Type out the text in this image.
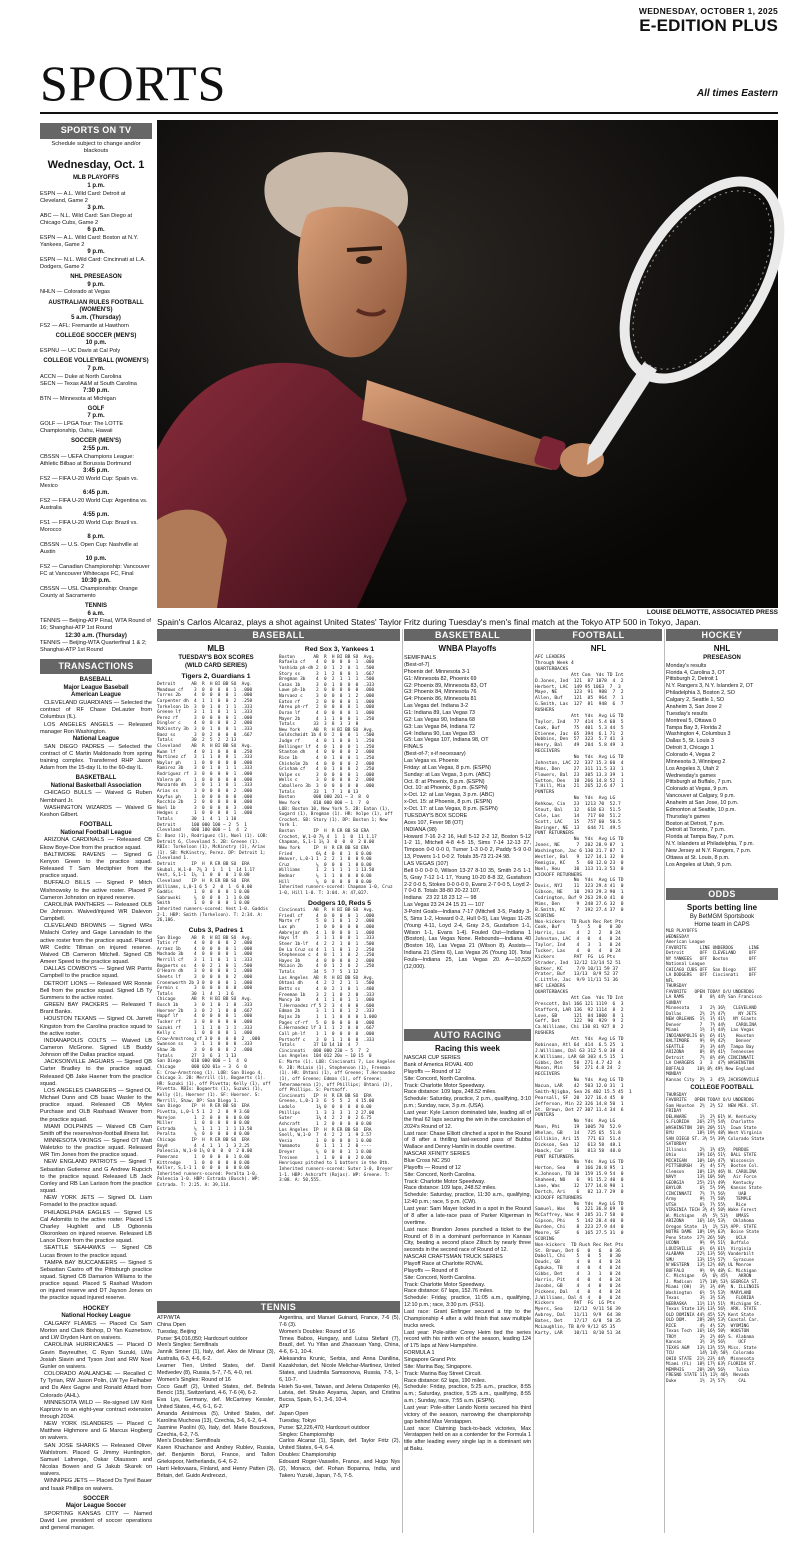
WEDNESDAY, OCTOBER 1, 2025
E-EDITION PLUS
SPORTS	All times Eastern
LOUISE DELMOTTE, ASSOCIATED PRESS
Spain's Carlos Alcaraz, plays a shot against United States' Taylor Fritz during Tuesday's men's final match at the Tokyo ATP 500 in Tokyo, Japan.
SPORTS ON TV
Schedule subject to change and/or blackouts
Wednesday, Oct. 1
MLB PLAYOFFS
1 p.m.
ESPN — A.L. Wild Card: Detroit at Cleveland, Game 2
3 p.m.
ABC — N.L. Wild Card: San Diego at Chicago Cubs, Game 2
6 p.m.
ESPN — A.L. Wild Card: Boston at N.Y. Yankees, Game 2
9 p.m.
ESPN — N.L. Wild Card: Cincinnati at L.A. Dodgers, Game 2
NHL PRESEASON
9 p.m.
NHLN — Colorado at Vegas
AUSTRALIAN RULES FOOTBALL (WOMEN'S)
5 a.m. (Thursday)
FS2 — AFL: Fremantle at Hawthorn
COLLEGE SOCCER (MEN'S)
10 p.m.
ESPNU — UC Davis at Cal Poly
COLLEGE VOLLEYBALL (WOMEN'S)
7 p.m.
ACCN — Duke at North Carolina
SECN — Texas A&M at South Carolina
7:30 p.m.
BTN — Minnesota at Michigan
GOLF
7 p.m.
GOLF — LPGA Tour: The LOTTE Championship, Oahu, Hawaii
SOCCER (MEN'S)
2:55 p.m.
CBSSN — UEFA Champions League: Athletic Bilbao at Borussia Dortmund
3:45 p.m.
FS2 — FIFA U-20 World Cup: Spain vs. Mexico
6:45 p.m.
FS2 — FIFA U-20 World Cup: Argentina vs. Australia
4:55 p.m.
FS1 — FIFA U-20 World Cup: Brazil vs. Morocco
8 p.m.
CBSSN — U.S. Open Cup: Nashville at Austin
10 p.m.
FS2 — Canadian Championship: Vancouver FC at Vancouver Whitecaps FC, Final
10:30 p.m.
CBSSN — USL Championship: Orange County at Sacramento
TENNIS
6 a.m.
TENNIS — Beijing-ATP Final, WTA Round of 16; Shanghai-ATP 1st Round
12:30 a.m. (Thursday)
TENNIS — Beijing-WTA Quarterfinal 1 & 2; Shanghai-ATP 1st Round
TRANSACTIONS
BASEBALL
Major League Baseball
American League
CLEVELAND GUARDIANS — Selected the contract of RF Chase DeLauter from Columbus (IL).
LOS ANGELES ANGELS — Released manager Ron Washington.
National League
SAN DIEGO PADRES — Selected the contract of C Martin Maldonado from spring training complex. Transferred RHP Jason Adam from the 15-day IL to the 60-day IL.
BASKETBALL
National Basketball Association
CHICAGO BULLS — Waived G Ruben Nembhard Jr.
WASHINGTON WIZARDS — Waived G Keshon Gilbert.
FOOTBALL
National Football League
ARIZONA CARDINALS — Released CB Ekow Boye-Doe from the practice squad.
BALTIMORE RAVENS — Signed G Kenyon Green to the practice squad. Released T Sam Mectiphier from the practice squad.
BUFFALO BILLS — Signed P Mitch Wishnowsky to the active roster. Placed P Cameron Johnston on injured reserve.
CAROLINA PANTHERS — Released OLB De Johnson. Waived/injured WR Dalevon Campbell.
CLEVELAND BROWNS — Signed WRs Malachi Corley and Gage Larvadain to the active roster from the practice squad. Placed WR Cedric Tillman on injured reserve. Waived CB Cameron Mitchell. Signed CB Ameer Speed to the practice squad.
DALLAS COWBOYS — Signed WR Parris Campbell to the practice squad.
DETROIT LIONS — Released WR Ronnie Bell from the practice squad. Signed LB Ty Summers to the active roster.
GREEN BAY PACKERS — Released T Brant Banks.
HOUSTON TEXANS — Signed OL Jarrett Kingston from the Carolina practice squad to the active roster.
INDIANAPOLIS COLTS — Waived LB Cameron McGrone. Signed LB Buddy Johnson off the Dallas practice squad.
JACKSONVILLE JAGUARS — Signed QB Carter Bradley to the practice squad. Released QB Jake Haener from the practice squad.
LOS ANGELES CHARGERS — Signed OL Michael Dunn and CB Isaac Wasler to the practice squad. Released CB Myles Purchase and OLB Rashaad Weaver from the practice squad.
MIAMI DOLPHINS — Waived CB Cam Smith off the reserve/non-football illness list.
MINNESOTA VIKINGS — Signed OT Matt Waletzko to the practice squad. Released WR Tim Jones from the practice squad.
NEW ENGLAND PATRIOTS — Signed T Sebastian Gutierrez and G Andrew Rupcich to the practice squad. Released LB Jack Conley and RB Lan Larison from the practice squad.
NEW YORK JETS — Signed DL Liam Fornadel to the practice squad.
PHILADELPHIA EAGLES — Signed LS Cal Adomitis to the active roster. Placed LS Charley Hughlett and LB Ogbonnia Okoronkwo on injured reserve. Released LB Lance Dixon from the practice squad.
SEATTLE SEAHAWKS — Signed CB Lucas Brown to the practice squad.
TAMPA BAY BUCCANEERS — Signed S Sebastian Castro off the Pittsburgh practice squad. Signed CB Damarion Williams to the practice squad. Placed S Rashad Wisdom on injured reserve and DT Jayson Jones on the practice squad injured reserve.
HOCKEY
National Hockey League
CALGARY FLAMES — Placed Cs Sam Morton and Clark Bishop, D Yan Kuznetsov, and LW Dryden Hunt on waivers.
CAROLINA HURRICANES — Placed D Gavin Bayreuther, C Ryan Suzuki, LWs Josiah Slavin and Tyson Jost and RW Noel Gunler on waivers.
COLORADO AVALANCHE — Recalled C Ty Tyrian, RW Jason Polin, LW Tye Felhaber and Ds Alex Gagne and Ronald Attard from Colorado (AHL).
MINNESOTA WILD — Re-signed LW Kirill Kaprizov to an eight-year contract extension through 2034.
NEW YORK ISLANDERS — Placed C Matthew Highmore and G Marcus Hogberg on waivers.
SAN JOSE SHARKS — Released Oliver Wahlstrom. Placed G Jimmy Huntington, Samuel Lafrenge, Oskar Olausson and Nicolas Bowen and G Jakub Skarek on waivers.
WINNIPEG JETS — Placed Ds Tyrel Bauer and Isaak Phillips on waivers.
SOCCER
Major League Soccer
SPORTING KANSAS CITY — Named David Lee president of soccer operations and general manager.
BASEBALL	BASKETBALL	FOOTBALL	HOCKEY
AUTO RACING
ODDS
TENNIS
MLB
TUESDAY'S BOX SCORES
(WILD CARD SERIES)
Tigers 2, Guardians 1
Detroit      AB  R  H BI BB SO  Avg.
Meadows cf    3  0  0  0  0  1  .000
Torres 2b     4  0  0  0  0  1  .000
Carpenter dh  4  1  1  0  0  2  .250
Torkelson 1b  3  0  1  0  1  1  .333
Greene lf     3  1  1  0  1  1  .333
Perez rf      3  0  0  0  0  1  .000
Dingler c     4  0  0  0  0  2  .000
McKinstry 3b  3  0  1  0  0  1  .333
Baez ss       3  0  2  0  0  0  .667
Totals       30  2  5  2  2 13
Cleveland    AB  R  H BI BB SO  Avg.
Kwan lf       4  0  1  0  0  0  .250
Martinez cf   3  1  1  0  0  1  .333
Naylor ph     1  0  0  0  0  0  .000
Ramirez 3b    3  0  1  0  1  1  .333
Rodriguez rf  3  0  0  0  0  1  .000
Valera ph     1  0  0  0  0  0  .000
Manzardo dh   3  0  1  1  0  1  .333
Arias ss      3  0  0  0  0  2  .000
Kayfus ph     1  0  0  0  0  0  .000
Rocchio 2b    2  0  0  0  0  0  .000
Noel 1b       3  0  0  0  0  3  .000
Hedges c      1  0  0  0  0  1  .000
Totals       30  1  4  1  1 10
Detroit      100 000 100 — 2  5  1
Cleveland    000 100 000 — 1  4  2
E: Baez (1), Rodriguez (1), Noel (1). LOB: Detroit 6, Cleveland 5. 2B: Greene (1). RBIs: Torkelson (1), McKinstry (1), Arias (1). SB: McKinstry, Perez. DP: Detroit 1; Cleveland 1.
Detroit      IP  H  R ER BB SO  ERA
Skubal, W,1-0  7⅔ 3  1  1  1  14 1.17
Vest, S,1-1  1⅓  1  0  0  0  1 0.00
Cleveland    IP  H  R ER BB SO  ERA
Williams, L,0-1 6 5  2  0  1  6 0.00
Gaddis        1  0  0  0  0  1 0.00
Sabrowski     ⅔  0  0  0  1  1 0.00
Smith         1  0  0  0  0  1 0.00
Inherited runners-scored: Vest 1-0. Gaddis 2-1. HBP: Smith (Torkelson). T: 2:34. A: 26,186.
Cubs 3, Padres 1
San Diego    AB  R  H BI BB SO  Avg.
Tatis rf      4  0  0  0  0  2  .000
Arraez 1b     4  0  0  0  0  1  .000
Machado 3b    4  0  0  0  0  1  .000
Merrill cf    3  1  1  0  1  1  .333
Bogaerts ss   4  0  2  1  0  1  .500
O'Hearn dh    3  0  0  0  0  1  .000
Sheets lf     3  0  0  0  0  2  .000
Cronenworth 2b 3 0  0  0  0  1  .000
Fermin c      3  0  0  0  0  0  .000
Totals       30  1  4  1  1 6
Chicago      AB  R  H BI BB SO  Avg.
Busch 1b      3  0  1  0  1  0  .333
Hoerner 2b    3  0  2  1  0  0  .667
Happf lf      4  0  0  0  0  1  .000
Tucker rf     3  0  0  0  0  0  .000
Suzuki rf     1  1  1  0  1  1  .333
Kelly c       1  0  0  0  0  1  .000
Crow-Armstrong cf 3 0  0  0  0  2  .000
Swanson ss    3  1  1  0  0  0  .333
Shaw 3b       3  0  0  0  0  2  .000
Totals       27  3  6  3  1 13
San Diego    010 000 000 — 1  4  0
Chicago      000 020 01x — 3  6  0
E: Crow-Armstrong (1). LOB: San Diego 4, Chicago 3. 2B: Merrill (1), Bogaerts (1). HR: Suzuki (1), off Pivetta; Kelly (1), off Pivetta. RBIs: Bogaerts (1), Suzuki (1), Kelly (1), Hoerner (1). SF: Hoerner. S: Merrill, Shaw. DP: San Diego 1.
San Diego    IP  H  R ER BB SO  ERA
Pivetta, L,0-1 5 1  2  2  0  9 3.60
Morejon       1  2  0  0  0  0 0.00
Miller        1  0  0  0  0  0 0.00
Estrada       ⅓  1  1  1  1  1 13.50
Peralta       ⅔  0  0  0  0  0 0.00
Chicago      IP  H  R ER BB SO  ERA
Boyd          4  4  1  1  1  3 2.25
Palencia, W,1-0 1⅓ 0 0  0  0  2 0.00
Pomeranz      1  0  0  0  0  1 0.00
Kittredge     1  0  0  0  0  0 0.00
Keller, S,1-1 1  0  0  0  0  0 0.00
Inherited runners-scored: Peralta 1-0, Palencia 1-0. HBP: Estrada (Busch). WP: Estrada. T: 2:25. A: 39,114.
Red Sox 3, Yankees 1
Boston       AB  R  H BI BB SO  Avg.
Rafaela cf    4  0  0  0  0  1  .000
Yoshida ph-dh 2  0  1  2  0  1  .500
Story ss      3  1  2  0  0  1  .667
Bregman 3b    4  0  2  1  1  1  .500
Casas 1b      3  0  1  0  0  0  .333
Lowe ph-1b    2  0  0  0  0  0  .000
Narvaez c     3  0  0  0  1  2  .000
Eaton rf      2  0  0  0  0  1  .000
Abreu ph-rf   2  0  0  0  0  1  .000
Duran lf      4  0  0  0  0  1  .000
Mayer 2b      4  1  1  0  0  1  .250
Totals       33  3  8  3  3  8
New York     AB  R  H BI BB SO  Avg.
Goldschmidt 1b 4 0  2  0  0  1  .500
Judge rf      4  0  1  0  0  1  .250
Bellinger lf  4  0  1  0  0  1  .250
Stanton dh    4  0  0  0  0  2  .000
Rice 1b       4  0  1  0  0  1  .250
Chisholm 2b   4  0  0  0  0  2  .000
Grisham cf    4  0  1  0  0  2  .250
Volpe ss      3  0  0  0  0  1  .000
Wells c       3  0  0  0  0  2  .000
Caballero 3b  3  0  0  0  0  0  .000
Totals       33  1  7  1  0 13
Boston       000 000 201 — 3  8  0
New York     010 000 000 — 1  7  0
LOB: Boston 10, New York 5. 2B: Eaton (1), Sugard (1), Bregman (1). HR: Volpe (1), off Crochet. SB: Story (1). DP: Boston 1; New York 1.
Boston       IP  H  R ER BB SO ERA
Crochet, W,1-0 7⅔ 4  1  1  0  11 1.17
Chapman, S,1-1 1⅓ 3  0  0  0  2 0.00
New York     IP  H  R ER BB SO ERA
Fried         6⅓ 4  0  0  1  6 0.00
Weaver, L,0-1 1  2  2  1  0  0 9.00
Cruz          ⅓  0  0  0  1  0 0.00
Williams      1  2  1  1  1  1 13.50
Bednar        ⅓  1  1  0  0  0 0.00
Hill          ⅓  0  0  0  0  0 0.00
Inherited runners-scored: Chapman 1-0, Cruz 1-0, Hill 1-0. T: 3:04. A: 47,027.
Dodgers 10, Reds 5
Cincinnati   AB  R  H BI BB SO  Avg.
Friedl cf     4  0  0  0  0  1  .000
Marte rf      5  0  1  0  1  2  .000
Lux ph        1  0  0  0  0  0  .000
Ambrejar dh   4  1  0  0  0  1  .000
Hays lf       3  1  1  0  0  1  .333
Steer 1b-lf   4  2  2  1  0  1  .500
De La Cruz ss 4  1  1  0  1  2  .250
Stephenson c  4  0  1  1  0  2  .250
Hayes 3b      4  0  0  0  0  2  .000
McLain 2b     4  0  1  2  0  2  .250
Totals       34  5  7  5  1 12
Los Angeles  AB  R  H BI BB SO  Avg.
Ohtani dh     4  2  2  2  1  1  .500
Betts ss      4  0  2  1  0  1  .400
Freeman 1b    3  2  1  0  2  0  .333
Muncy 3b      4  1  1  0  1  1  .000
T.Hernandez rf 5 2  3  4  0  0  .600
Edman 2b      3  1  1  0  1  2  .333
Rojas 2b      1  1  1  0  0  0  1.000
Pages cf-rf   5  0  0  0  0  0  .000
E.Hernandez lf 3 1  1  2  0  0  .667
Call ph-lf    1  1  0  0  0  0  .000
Portnoff c    3  0  1  1  0  0  .333
Totals       37 10 14 10  4  7
Cincinnati   000 000 230 — 5  7  2
Los Angeles  104 012 20x — 10 15  0
E: Marte (1). LOB: Cincinnati 7, Los Angeles 9. 2B: McLain (1), Stephenson (1), Freeman (1). HR: Ohtani (1), off Greene; T.Hernandez (1), off Greene; Edman (1), off Greene; Teheramorena (2), off Phillips; Ohtani (2), off Phillips. S: Portnoff.
Cincinnati   IP  H  R ER BB SO  ERA
Greene, L,0-1 3  6  5  5  2  4 15.00
Lodolo        1⅓ 0  0  0  0  0 0.00
Phillips      1  3  3  3  1  2 27.00
Suter         1⅓ 4  2  2  0  2 6.75
Ashcraft      1  2  0  0  0  0 0.00
Los Angeles  IP  H  R ER BB SO  ERA
Snell, W,1-0  7  4  2  2  1  9 2.57
Vesia         1  0  0  0  0  1 0.00
Yamamoto      0  1  1  1  2  0 ----
Dreyer        ⅔  0  0  0  1  1 0.00
Treinen       1  1  0  0  0  2 0.00
Henriquez pitched to 1 batters in the 8th.
Inherited runners-scored: Suter 1-0, Dreyer 1-1. HBP: Ashcraft (Rojas). WP: Greene. T: 3:08. A: 50,555.
WNBA Playoffs
SEMIFINALS
(Best-of-7)
Phoenix def. Minnesota 3-1
G1: Minnesota 82, Phoenix 69
G2: Phoenix 89, Minnesota 83, OT
G3: Phoenix 84, Minnesota 76
G4: Phoenix 86, Minnesota 81
Las Vegas def. Indiana 3-2
G1: Indiana 89, Las Vegas 73
G2: Las Vegas 90, Indiana 68
G3: Las Vegas 84, Indiana 72
G4: Indiana 90, Las Vegas 83
G5: Las Vegas 107, Indiana 98, OT
FINALS
(Best-of-7; x-if necessary)
Las Vegas vs. Phoenix
Friday: at Las Vegas, 8 p.m. (ESPN)
Sunday: at Las Vegas, 3 p.m. (ABC)
Oct. 8: at Phoenix, 8 p.m. (ESPN)
Oct. 10: at Phoenix, 8 p.m. (ESPN)
x-Oct. 12: at Las Vegas, 3 p.m. (ABC)
x-Oct. 15: at Phoenix, 8 p.m. (ESPN)
x-Oct. 17: at Las Vegas, 8 p.m. (ESPN)
TUESDAY'S BOX SCORE
Aces 107, Fever 98 (OT)
INDIANA (98)
Howard 7-16 2-2 16, Hull 5-12 2-2 12, Boston 5-12 1-2 11, Mitchell 4-8 4-5 15, Sims 7-14 12-13 27, Timpson 0-0 0-0 0, Turner 1-3 0-0 2, Paddy 5-9 0-0 13, Powers 1-1 0-0 2. Totals 35-73 21-24 98.
LAS VEGAS (107)
Bell 0-0 0-0 0, Wilson 13-27 8-10 35, Smith 2-5 1-1 5, Gray 7-12 1-1 17, Young 10-20 8-8 32, Gustafson 2-2 0-0 5, Stokes 0-0 0-0 0, Evans 2-7 0-0 5, Loyd 2-7 0-0 8. Totals 38-80 20-22 107.
Indiana   23 22 18 23 12 — 98
Las Vegas 23 24 24 15 21 — 107
3-Point Goals—Indiana 7-17 (Mitchell 3-5, Paddy 3-5, Sims 1-2, Howard 0-2, Hull 0-5), Las Vegas 11-26 (Young 4-11, Loyd 2-4, Gray 2-5, Gustafson 1-1, Wilson 1-1, Evans 1-4). Fouled Out—Indiana 1 (Boston), Las Vegas None. Rebounds—Indiana 40 (Boston 16), Las Vegas 21 (Wilson 8). Assists—Indiana 21 (Sims 6), Las Vegas 26 (Young 10). Total Fouls—Indiana 25, Las Vegas 20. A—10,529 (12,000).
Racing this week
NASCAR CUP SERIES
Bank of America ROVAL 400
Playoffs — Round of 12
Site: Concord, North Carolina.
Track: Charlotte Motor Speedway.
Race distance: 109 laps, 248.52 miles.
Schedule: Saturday, practice, 2 p.m., qualifying, 3:10 p.m.; Sunday, race, 3 p.m. (USA).
Last year: Kyle Larson dominated late, leading all of the final 62 laps securing the win in the conclusion of 2024's Round of 12.
Last race: Chase Elliott clinched a spot in the Round of 8 after a thrilling last-second pass of Bubba Wallace and Denny Hamlin in double overtime.
NASCAR XFINITY SERIES
Blue Cross NC 250
Playoffs — Round of 12
Site: Concord, North Carolina.
Track: Charlotte Motor Speedway.
Race distance: 109 laps, 248.52 miles.
Schedule: Saturday, practice, 11:30 a.m., qualifying, 12:40 p.m.; race, 5 p.m. (CW).
Last year: Sam Mayer locked in a spot in the Round of 8 after a late-race pass of Parker Kligerman in overtime.
Last race: Brandon Jones punched a ticket to the Round of 8 in a dominant performance in Kansas City, beating a second place Zilisch by nearly three seconds in the second race of Round of 12.
NASCAR CRAFTSMAN TRUCK SERIES
Playoff Race at Charlotte ROVAL
Playoffs — Round of 8
Site: Concord, North Carolina.
Track: Charlotte Motor Speedway.
Race distance: 67 laps, 152.76 miles.
Schedule: Friday, practice, 11:05 a.m., qualifying, 12:10 p.m.; race, 3:30 p.m. (FS1).
Last race: Grant Enfinger secured a trip to the Championship 4 after a wild finish that saw multiple trucks wreck.
Last year: Pole-sitter Corey Heim tied the series record with his ninth win of the season, leading 124 of 175 laps at New Hampshire.
FORMULA 1
Singapore Grand Prix
Site: Marina Bay, Singapore.
Track: Marina Bay Street Circuit.
Race distance: 62 laps, 190 miles.
Schedule: Friday, practice, 5:25 a.m., practice, 8:55 a.m.; Saturday, practice, 5:25 a.m., qualifying, 8:55 a.m.; Sunday, race, 7:55 a.m. (ESPN).
Last year: Pole-sitter Lando Norris secured his third victory of the season, narrowing the championship gap behind Max Verstappen.
Last race: Claiming back-to-back victories, Max Verstappen held on as a contender for the Formula 1 title after leading every single lap in a dominant win at Baku.
NFL
AFC LEADERS
Through Week 4
QUARTERBACKS
Att Com  Yds TD Int
D.Jones, Ind  121  87 1078  4  2
Herbert, LAC  149 95 1063  7  3
Maye, NE      123  91  988  7  2
Allen, Buf    121  85  964  7  1
G.Smith, Las  127  81  948  6  7
RUSHERS
Att  Yds  Avg LG TD
Taylor, Ind   77  414  5.4 68  5
Cook, Buf     75  401  5.3 44  5
Etienne, Jac  65  394  6.1 71  2
Dobbins, Den  57  323  5.7 41  3
Henry, Bal    49  284  5.8 49  3
RECEIVERS
No  Yds  Avg LG TD
Johnston, LAC 22  337 15.3 60  4
Mims, Den     27  311 11.5 33  1
Flowers, Bal  23  305 13.3 39  1
Sutton, Den   18  266 14.8 52  1
T.Hill, Mia   21  265 12.6 47  1
PUNTERS
No  Yds  Avg LG
Rehkow, Cin   23  1213 70  52.7
Stout, Bal    12   618 63  51.5
Cole, Las     14   717 60  51.2
Scott, LAC    15   757 60  50.5
Baringer, NE  13   644 71  49.5
PUNT RETURNERS
No  Yds  Avg LG TD
Jones, NE      7  202 28.9 87  1
Washington, Jac 6 130 21.7 87  1
Westler, Bal   9  127 14.1 32  0
Remigio, KC    5   60 12.0 23  0
Noel, Hou     10  113 11.3 53  0
KICKOFF RETURNERS
No  Yds  Avg LG TD
Davis, NYJ    11  323 29.4 41  0
Gibson, NE    10  293 29.3 90  1
Codrington, Buf 9 263 29.0 41  0
Mims, Den      9  248 27.6 32  0
B.Smith, KC    7  192 27.4 37  0
SCORING
Non-kickers  TD Rush Rec Ret Pts
Cook, Buf      5   5   0   0 30
Harris, Las    4   2   2   0 24
Johnston, LAC  4   0   4   0 24
Taylor, Ind    4   3   1   0 24
Tucker, Las    4   0   4   0 24
Kickers       PAT  FG  LG Pts
Strader, Ind  12/12 13/14 52 51
Butker, KC     7/9 10/11 59 37
Prater, Buf   13/13  8/9 52 37
C.Little, Jac  9/9 11/11 51 36
NFC LEADERS
QUARTERBACKS
Att Com  Yds TD Int
Prescott, Dal 166 121 1119  6  3
Stafford, LAR 136  92 1114  8  2
Love, GB      121  84 1000  8  1
Goff, Det     122  90  929  9  2
Ca.Williams, Chi 130 81 927 8  2
RUSHERS
Att  Yds  Avg LG TD
Robinson, Atl 64  414  6.5 25  1
J.Williams, Dal 63 312 5.0 38  4
K.Williams, LAR 68 303 4.5 15  1
Gibbs, Det    58  271 4.7 42  4
Mason, Min    56  271 4.8 24  2
RECEIVERS
No  Yds  Avg LG TD
Nacua, LAR    42  503 12.0 31  1
Smith-Njigba, Sea 26 402 15.5 45  1
Pearsall, SF  20  327 16.4 45  0
Jefferson, Min 22 326 14.8 50  1
St. Brown, Det 27 307 11.4 34  6
PUNTERS
No  Yds  Avg LG
Mann, Phi     19  1005 70  52.9
Whelan, GB    14   725 65  51.8
Gillikin, Ari 15   771 63  51.4
Dickson, Sea  12   613 58  48.1
Haack, Car    16   813 58  48.0
PUNT RETURNERS
No  Yds  Avg LG TD
Horton, Sea    8  166 20.8 95  1
K.Johnson, TB 10  159 15.9 54  0
Shaheed, NO    6   91 15.2 40  0
Lane, Was     12  177 14.8 90  1
Dortch, Ari    6   82 13.7 29  0
KICKOFF RETURNERS
No  Yds  Avg LG TD
Samuel, Was    6  221 36.8 69  0
McCaffrey, Was 9  285 31.7 58  0
Gipson, Phi    5  142 28.4 40  0
Burden, Chi    8  223 27.9 44  0
Moore, SF      6  165 27.5 31  0
SCORING
Non-kickers  TD Rush Rec Ret Pts
St. Brown, Det 6   0   6   0 36
Daboll, Chi    5   0   5   0 30
Douds, GB      4   0   4   0 24
Egbuka, TB     4   0   4   0 24
Gibbs, Det     4   3   1   0 24
Harris, Pit    4   0   4   0 24
Jacobs, GB     4   4   0   0 24
Pickens, Dal   4   0   4   0 24
J.Williams, Dal 4  4   0   0 24
Kickers       PAT  FG  LG Pts
Myers, Sea    12/12  9/11 56 39
Aubrey, Dal   11/11  9/9  64 38
Bates, Det    17/17  6/8  58 35
McLaughlin, TB 8/9 9/12 65 35
Karty, LAR    10/11  8/10 51 34
NHL
PRESEASON
Monday's results
Florida 4, Carolina 3, OT
Pittsburgh 2, Detroit 1
N.Y. Rangers 3, N.Y. Islanders 2, OT
Philadelphia 3, Boston 2, SO
Calgary 2, Seattle 1, SO
Anaheim 3, San Jose 2
Tuesday's results
Montreal 5, Ottawa 0
Tampa Bay 3, Florida 2
Washington 4, Columbus 3
Dallas 5, St. Louis 3
Detroit 3, Chicago 1
Colorado 4, Vegas 2
Minnesota 3, Winnipeg 2
Los Angeles 3, Utah 2
Wednesday's games
Pittsburgh at Buffalo, 7 p.m.
Colorado at Vegas, 9 p.m.
Vancouver at Calgary, 9 p.m.
Anaheim at San Jose, 10 p.m.
Edmonton at Seattle, 10 p.m.
Thursday's games
Boston at Detroit, 7 p.m.
Detroit at Toronto, 7 p.m.
Florida at Tampa Bay, 7 p.m.
N.Y. Islanders at Philadelphia, 7 p.m.
New Jersey at N.Y. Rangers, 7 p.m.
Ottawa at St. Louis, 8 p.m.
Los Angeles at Utah, 9 p.m.
Sports betting line
By BetMGM Sportsbook
Home team in CAPS
MLB PLAYOFFS
WEDNESDAY
American League
FAVORITE     LINE UNDERDOG      LINE
Detroit      OFF  CLEVELAND     OFF
NY YANKEES   OFF  Boston        OFF
National League
CHICAGO CUBS OFF  San Diego     OFF
LA DODGERS   OFF  Cincinnati    OFF
NFL
THURSDAY
FAVORITE   OPEN TODAY O/U UNDERDOG
LA RAMS      8   8½ 44½ San Francisco
SUNDAY
Minnesota    3   2½ 36½   CLEVELAND
Dallas       2½  2½ 47½     NY JETS
NEW ORLEANS  1½  1½ 41½   NY Giants
Denver       7   7½ 44½    CAROLINA
Miami        1½  1½ 44½  Las Vegas
INDIANAPOLIS 6½  6½ 41½    Houston
BALTIMORE    9½  9½ 42½    Denver
SEATTLE      3½  3½ 44½  Tampa Bay
ARIZONA      8½  8½ 41½  Tennessee
Detroit      7½  8½ 49½ CINCINNATI
LA CHARGERS  3   3  47½ WASHINGTON
BUFFALO     10½ 8½ 49½ New England
MONDAY
Kansas City  2½  3  45½ JACKSONVILLE
COLLEGE FOOTBALL
THURSDAY
FAVORITE   OPEN TODAY O/U UNDERDOG
Sam Houston  2½  2½ 52  NEW MEX. ST.
FRIDAY
DELAWARE     1½  2½ 61½ W. Kentucky
S.FLORIDA   26½ 27½ 54½  Charlotte
WASHINGTON  20½ 20½ 51½  Iowa State
BYU         18½ 19½ 48½ West Virginia
SAN DIEGO ST. 3½ 5½ 39½ Colorado State
SATURDAY
Illinois     2½  3½ 45½   PURDUE
Ohio        19½ 16½ 51½  BALL STATE
MICHIGAN    10½ 10½ 47½  Wisconsin
PITTSBURGH   3½  4½ 57½  Boston Col.
Clemson     10½ 13½ 46½ N. CAROLINA
NAVY        13½ 10½ 50½   Air Force
GEORGIA     25½ 21½ 49½   Kentucky
BAYLOR       6½  5½ 59½  Kansas State
CINCINNATI   7½  7½ 56½     UAB
Army         9½  7½ 58½    TEMPLE
UTSA         6½  7½ 55½    Rice
VIRGINIA TECH 3½ 4½ 50½ Wake Forest
W. Michigan   4½  5½ 51½   UMASS
ARIZONA     16½ 16½ 53½   Oklahoma
Oregon State  1½  1½ 51½ APP. STATE
NOTRE DAME  18½ 19½ 63½  Boise State
Penn State  27½ 26½ 50½    UCLA
UCONN        9½  9½ 51½  Buffalo
LOUISVILLE   6½  6½ 61½  Virginia
ALABAMA     22½ 13½ 56½ Vanderbilt
SMU         13½ 15½ 57½   Syracuse
N'WESTERN   13½ 12½ 40½ UL Monroe
BUFFALO      9½  9½ 48½ E. Michigan
C. Michigan   6½  6½ 45½    AKRON
J. Madison   17½ 18½ 53½ GEORGIA ST.
Miami (OH)   3½  3½ 49½  N. ILLINOIS
Washington   6½  5½ 53½  MARYLAND
Texas        3½  3½ 53½    FLORIDA
NEBRASKA    11½ 11½ 51½  Michigan St.
Texas State 13½ 13½ 56½  ARK. STATE
OLD DOMINIA 44½ 45½ 52½ Kent State
OLD DOM.    28½ 28½ 53½ Coastal Car.
RICE         4½  4½ 52½  WYOMING
Texas Tech  16½ 16½ 50½  HOUSTON
TROY         3½  2½ 46½ S. Alabama
Kansas       3½  3½ 56½     UCF
TEXAS A&M   13½ 13½ 55½ Miss. State
TCU          14½ 14½ 58½  Colorado
OHIO STATE  21½ 23½ 44½  Minnesota
Miami (FL)  18½ 17½ 63½ FLORIDA ST.
MEMPHIS     20½ 20½ 56½    Tulsa
FRESNO STATE 11½ 11½ 46½  Nevada
Duke         1½  2½ 57½     CAL
ATP/WTA
China Open
Tuesday, Beijing
Purse: $4,016,050; Hardcourt outdoor
Men's Singles: Semifinals
Jannik Sinner (1), Italy, def. Alex de Minaur (3), Australia, 6-3, 4-6, 6-2.
Learner Tien, United States, def. Daniil Medvedev (8), Russia, 5-7, 7-5, 4-0, ret.
Women's Singles: Round of 16
Coco Gauff (2), United States, def. Belinda Bencic (15), Switzerland, 4-6, 7-6 (4), 6-2.
Eva Lys, Germany, def. McCartney Kessler, United States, 4-6, 6-1, 6-2.
Amanda Anisimova (5), United States, def. Karolina Muchova (13), Czechia, 3-6, 6-2, 6-4.
Jasmine Paolini (6), Italy, def. Marie Bouzkova, Czechia, 6-2, 7-5.
Men's Doubles: Semifinals
Karen Khachanov and Andrey Rublev, Russia, def. Benjamin Bonzi, France, and Tallon Griekspoor, Netherlands, 6-4, 6-2.
Harri Heliovaara, Finland, and Henry Patten (3), Britain, def. Guido Andreozzi,
Argentina, and Manuel Guinard, France, 7-6 (5), 7-6 (3).
Women's Doubles: Round of 16
Timea Babos, Hungary, and Luisa Stefani (7), Brazil, def. Yu Yifan and Zhaoxuan Yang, China, 4-6, 6-1, 10-4.
Aleksandra Krunic, Serbia, and Anna Danilina, Kazakhstan, def. Nicole Melichar-Martinez, United States, and Liudmila Samsonova, Russia, 7-5, 1-6, 10-7.
Hsieh Su-wei, Taiwan, and Jelena Ostapenko (4), Latvia, def. Shuko Aoyama, Japan, and Cristina Bucsa, Spain, 6-1, 3-6, 10-4.
ATP
Japan Open
Tuesday, Tokyo
Purse: $2,226,470; Hardcourt outdoor
Singles: Championship
Carlos Alcaraz (1), Spain, def. Taylor Fritz (2), United States, 6-4, 6-4.
Doubles: Championship
Edouard Roger-Vasselin, France, and Hugo Nys (2), Monaco, def. Rohan Bopanna, India, and Takeru Yuzuki, Japan, 7-5, 7-5.
